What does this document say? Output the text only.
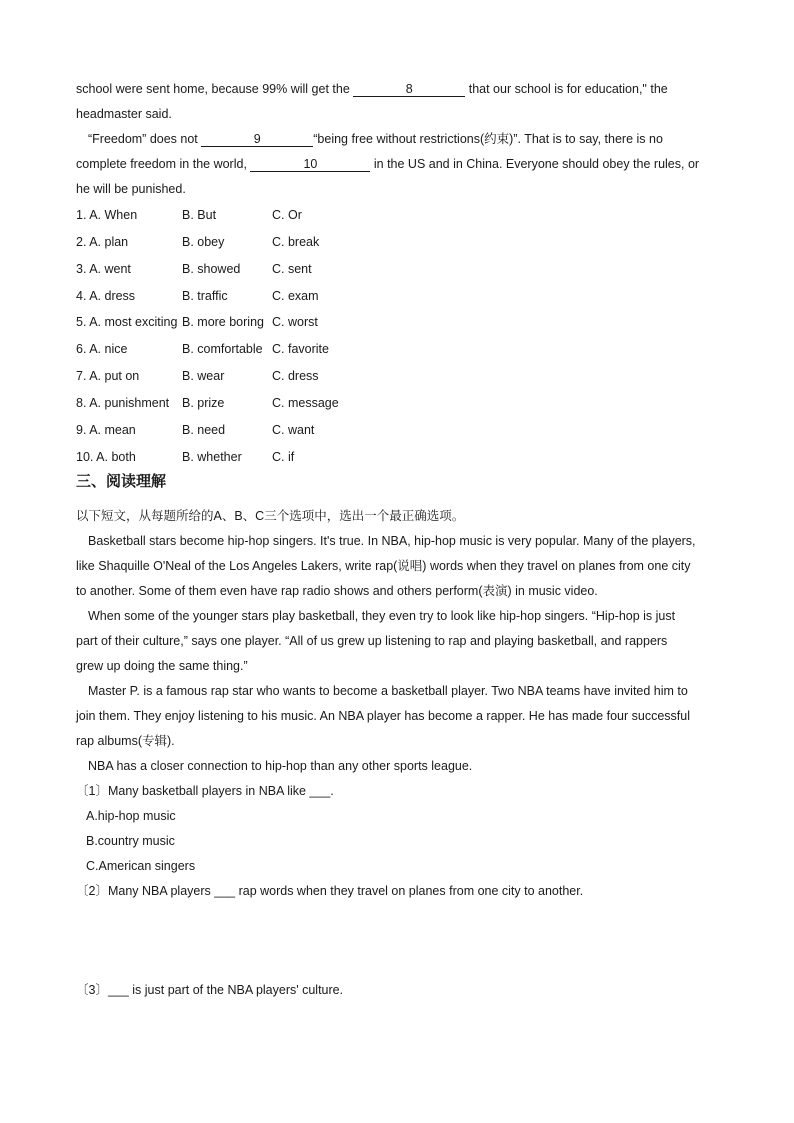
school were sent home, because 99% will get the	8	that our school is for education," the
headmaster said.
“Freedom” does not	9	“being free without restrictions(约束)”. That is to say, there is no
complete freedom in the world,	10	in the US and in China. Everyone should obey the rules, or
he will be punished.
1. A. When	B. But	C. Or
2. A. plan	B. obey	C. break
3. A. went	B. showed	C. sent
4. A. dress	B. traffic	C. exam
5. A. most exciting B. more boring C. worst
6. A. nice	B. comfortable C. favorite
7. A. put on	B. wear	C. dress
8. A. punishment B. prize	C. message
9. A. mean	B. need	C. want
10. A. both	B. whether C. if
三、阅读理解
以下短文，从每题所给的A、B、C三个选项中，选出一个最正确选项。
Basketball stars become hip-hop singers. It's true. In NBA, hip-hop music is very popular. Many of the players,
like Shaquille O'Neal of the Los Angeles Lakers, write rap(说唱) words when they travel on planes from one city
to another. Some of them even have rap radio shows and others perform(表演) in music video.
When some of the younger stars play basketball, they even try to look like hip-hop singers. “Hip-hop is just
part of their culture,” says one player. “All of us grew up listening to rap and playing basketball, and rappers
grew up doing the same thing.”
Master P. is a famous rap star who wants to become a basketball player. Two NBA teams have invited him to
join them. They enjoy listening to his music. An NBA player has become a rapper. He has made four successful
rap albums(专辑).
NBA has a closer connection to hip-hop than any other sports league.
〔1〕Many basketball players in NBA like ___.
A.hip-hop music
B.country music
C.American singers
〔2〕Many NBA players ___ rap words when they travel on planes from one city to another.
〔3〕___ is just part of the NBA players' culture.
